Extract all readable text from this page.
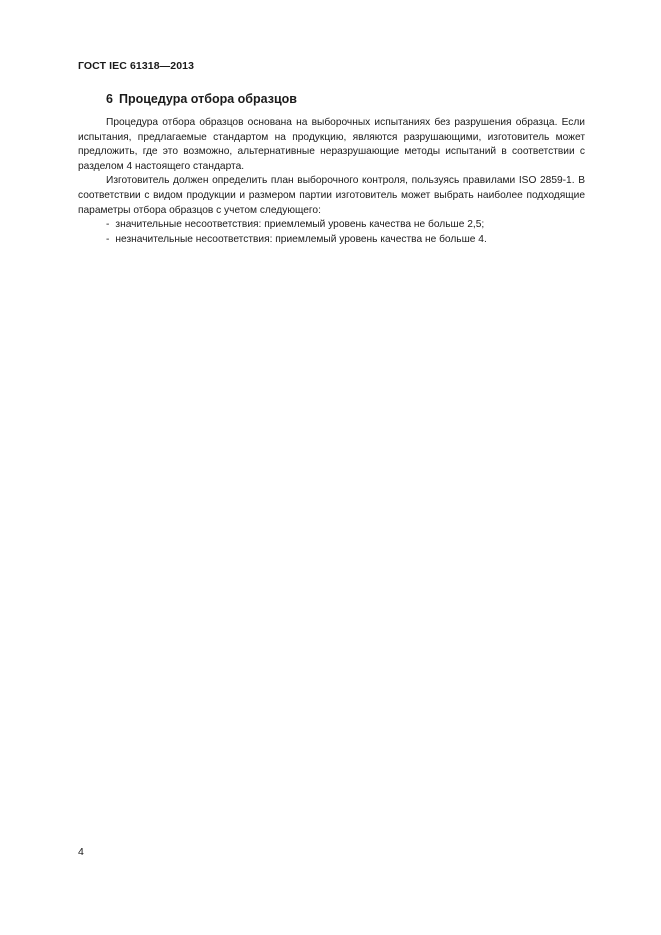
ГОСТ IEC 61318—2013
6 Процедура отбора образцов

Процедура отбора образцов основана на выборочных испытаниях без разрушения образца. Если испытания, предлагаемые стандартом на продукцию, являются разрушающими, изготовитель может предложить, где это возможно, альтернативные неразрушающие методы испытаний в соответствии с разделом 4 настоящего стандарта.

Изготовитель должен определить план выборочного контроля, пользуясь правилами ISO 2859-1. В соответствии с видом продукции и размером партии изготовитель может выбрать наиболее подходящие параметры отбора образцов с учетом следующего:

- значительные несоответствия: приемлемый уровень качества не больше 2,5;
- незначительные несоответствия: приемлемый уровень качества не больше 4.
4
